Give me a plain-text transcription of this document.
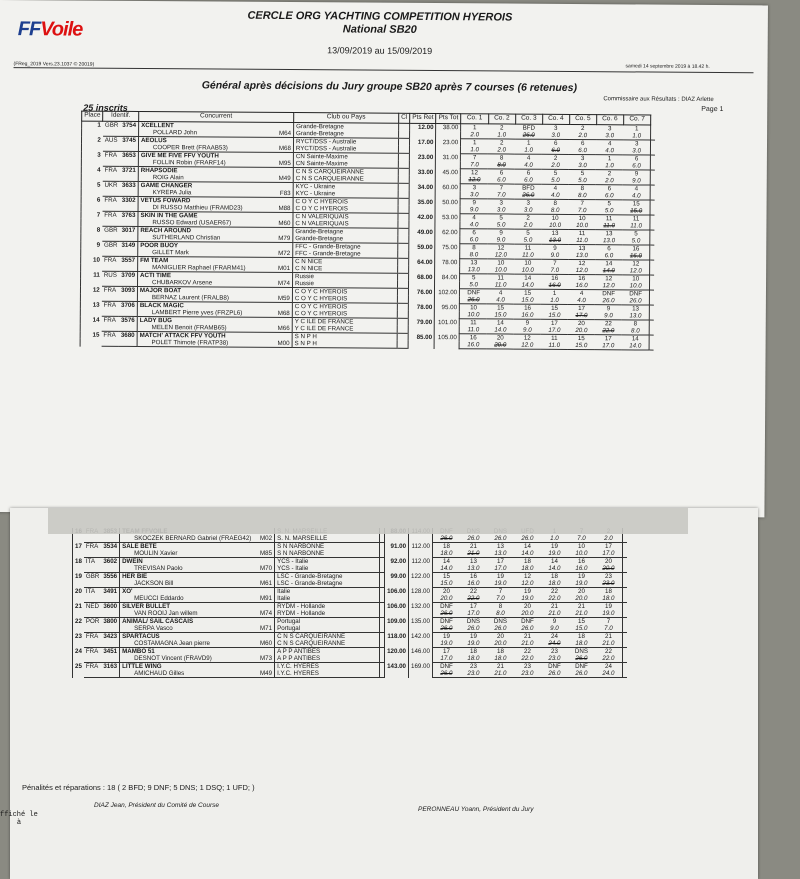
FFVoile
CERCLE ORG YACHTING COMPETITION HYEROIS
National SB20
13/09/2019 au 15/09/2019
(FReg_2019 Vers.23.1037 © 20019)	samedi 14 septembre 2019 à 18.42 h.
Général après décisions du Jury groupe SB20 après 7 courses (6 retenues)
Commissaire aux Résultats : DIAZ Arlette
Page 1
25 inscrits
Place	Identif.		Concurrent	Club ou Pays	Cl	Pts Ret	Pts Tot	Co. 1	Co. 2	Co. 3	Co. 4	Co. 5	Co. 6	Co. 7	
1	GBR	3754	XCELLENT	Grande-Bretagne		12.00	38.00	1	2	BFD	3	2	3	1	
			POLLARD John M64	Grande-Bretagne				2.0	1.0	26.0	3.0	2.0	3.0	1.0	
2	AUS	3745	AEOLUS	RYCT/DSS - Australie		17.00	23.00	1	2	1	6	6	4	3	
			COOPER Brett (FRAAB53) M68	RYCT/DSS - Australie				1.0	2.0	1.0	6.0	6.0	4.0	3.0	
3	FRA	3653	GIVE ME FIVE FFV YOUTH	CN Sainte-Maxime		23.00	31.00	7	8	4	2	3	1	6	
			FOLLIN Robin (FRARF14) M95	CN Sainte-Maxime				7.0	8.0	4.0	2.0	3.0	1.0	6.0	
4	FRA	3721	RHAPSODIE	C N S CARQUEIRANNE		33.00	45.00	12	6	6	5	5	2	9	
			ROIG Alain M49	C N S CARQUEIRANNE				12.0	6.0	6.0	5.0	5.0	2.0	9.0	
5	UKR	3633	GAME CHANGER	KYC - Ukraine		34.00	60.00	3	7	BFD	4	8	6	4	
			KYREPA Julia F83	KYC - Ukraine				3.0	7.0	26.0	4.0	8.0	6.0	4.0	
6	FRA	3302	VETUS FOWARD	C O Y C HYEROIS		35.00	50.00	9	3	3	8	7	5	15	
			DI RUSSO Matthieu (FRAMD23) M88	C O Y C HYEROIS				9.0	3.0	3.0	8.0	7.0	5.0	15.0	
7	FRA	3763	SKIN IN THE GAME	C N VALERIQUAIS		42.00	53.00	4	5	2	10	10	11	11	
			RUSSO Edward (USAER67) M60	C N VALERIQUAIS				4.0	5.0	2.0	10.0	10.0	11.0	11.0	
8	GBR	3017	REACH AROUND	Grande-Bretagne		49.00	62.00	6	9	5	13	11	13	5	
			SUTHERLAND Christian M79	Grande-Bretagne				6.0	9.0	5.0	13.0	11.0	13.0	5.0	
9	GBR	3149	POOR BUOY	FFC - Grande-Bretagne		59.00	75.00	8	12	11	9	13	6	16	
			GILLET Mark M72	FFC - Grande-Bretagne				8.0	12.0	11.0	9.0	13.0	6.0	16.0	
10	FRA	3557	FM TEAM	C N NICE		64.00	78.00	13	10	10	7	12	14	12	
			MANIGLIER Raphael (FRARM41) M01	C N NICE				13.0	10.0	10.0	7.0	12.0	14.0	12.0	
11	RUS	3709	ACTI TIME	Russie		68.00	84.00	5	11	14	16	16	12	10	
			CHUBARKOV Arsene M74	Russie				5.0	11.0	14.0	16.0	16.0	12.0	10.0	
12	FRA	3093	MAJOR BOAT	C O Y C HYEROIS		76.00	102.00	DNF	4	15	1	4	DNF	DNF	
			BERNAZ Laurent (FRALB8) M59	C O Y C HYEROIS				26.0	4.0	15.0	1.0	4.0	26.0	26.0	
13	FRA	3706	BLACK MAGIC	C O Y C HYEROIS		78.00	95.00	10	15	16	15	17	9	13	
			LAMBERT Pierre yves (FRZPL6) M68	C O Y C HYEROIS				10.0	15.0	16.0	15.0	17.0	9.0	13.0	
14	FRA	3576	LADY BUG	Y C ILE DE FRANCE		79.00	101.00	11	14	9	17	20	22	8	
			MELEN Benoit (FRAMB65) M66	Y C ILE DE FRANCE				11.0	14.0	9.0	17.0	20.0	22.0	8.0	
15	FRA	3680	MATCH' ATTACK FFV YOUTH	S N P H		85.00	105.00	16	20	12	11	15	17	14	
			POLET Thimote (FRATP38) M00	S N P H				16.0	20.0	12.0	11.0	15.0	17.0	14.0	

			SKOCZEK BERNARD Gabriel (FRAEG42) M02	S. N. MARSEILLE				26.0	26.0	26.0	26.0	1.0	7.0	2.0	
17	FRA	3534	SALE BETE	S N NARBONNE		91.00	112.00	18	21	13	14	19	10	17	
			MOULIN Xavier M85	S N NARBONNE				18.0	21.0	13.0	14.0	19.0	10.0	17.0	
18	ITA	3602	DWEIN	YCS - Italie		92.00	112.00	14	13	17	18	14	16	20	
			TREVISAN Paolo M70	YCS - Italie				14.0	13.0	17.0	18.0	14.0	16.0	20.0	
19	GBR	3556	HER BIE	LSC - Grande-Bretagne		99.00	122.00	15	16	19	12	18	19	23	
			JACKSON Bill M61	LSC - Grande-Bretagne				15.0	16.0	19.0	12.0	18.0	19.0	23.0	
20	ITA	3491	XO'	Italie		106.00	128.00	20	22	7	19	22	20	18	
			MEUCCI Eddardo M91	Italie				20.0	22.0	7.0	19.0	22.0	20.0	18.0	
21	NED	3600	SILVER BULLET	RYDM - Hollande		106.00	132.00	DNF	17	8	20	21	21	19	
			VAN ROOIJ Jan willem M74	RYDM - Hollande				26.0	17.0	8.0	20.0	21.0	21.0	19.0	
22	POR	3800	ANIMAL/ SAIL CASCAIS	Portugal		109.00	135.00	DNF	DNS	DNS	DNF	9	15	7	
			SERPA Vasco M71	Portugal				26.0	26.0	26.0	26.0	9.0	15.0	7.0	
23	FRA	3423	SPARTACUS	C N S CARQUEIRANNE		118.00	142.00	19	19	20	21	24	18	21	
			COSTAMAGNA Jean pierre M60	C N S CARQUEIRANNE				19.0	19.0	20.0	21.0	24.0	18.0	21.0	
24	FRA	3451	MAMBO 51	A P P ANTIBES		120.00	146.00	17	18	18	22	23	DNS	22	
			DESNOT Vincent (FRAVD9) M73	A P P ANTIBES				17.0	18.0	18.0	22.0	23.0	26.0	22.0	
25	FRA	3163	LITTLE WING	I.Y.C. HYERES		143.00	169.00	DNF	23	21	23	DNF	DNF	24	
			AMICHAUD Gilles M49	I.Y.C. HYERES				26.0	23.0	21.0	23.0	26.0	26.0	24.0	
Pénalités et réparations : 18 ( 2 BFD; 9 DNF; 5 DNS; 1 DSQ; 1 UFD; )
DIAZ Jean, Président du Comité de Course
PERONNEAU Yoann, Président du Jury
ffiché le
à
